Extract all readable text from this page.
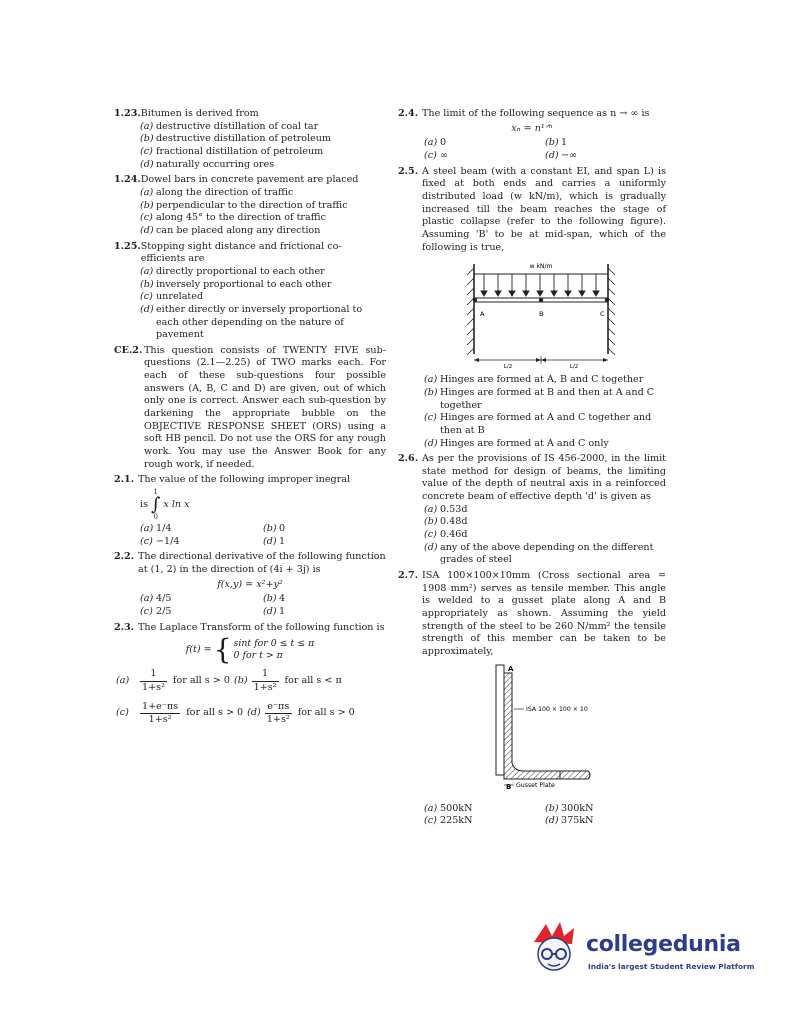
1.23. Bitumen is derived from
(a) destructive distillation of coal tar
(b) destructive distillation of petroleum
(c) fractional distillation of petroleum
(d) naturally occurring ores
1.24. Dowel bars in concrete pavement are placed
(a) along the direction of traffic
(b) perpendicular to the direction of traffic
(c) along 45° to the direction of traffic
(d) can be placed along any direction
1.25. Stopping sight distance and frictional co-efficients are
(a) directly proportional to each other
(b) inversely proportional to each other
(c) unrelated
(d) either directly or inversely proportional to each other depending on the nature of pavement
CE.2. This question consists of TWENTY FIVE sub-questions (2.1—2.25) of TWO marks each. For each of these sub-questions four possible answers (A, B, C and D) are given, out of which only one is correct. Answer each sub-question by darkening the appropriate bubble on the OBJECTIVE RESPONSE SHEET (ORS) using a soft HB pencil. Do not use the ORS for any rough work. You may use the Answer Book for any rough work, if needed.
2.1. The value of the following improper inegral
is
1
∫
0
x ln x
(a) 1/4	(b) 0
(c) −1/4	(d) 1
2.2. The directional derivative of the following function at (1, 2) in the direction of (4i + 3j) is
f(x,y) = x²+y²
(a) 4/5	(b) 4
(c) 2/5	(d) 1
2.3. The Laplace Transform of the following function is
f(t) = { sint for 0 ≤ t ≤ π
0 for t > π
(a)	$\frac{1}{\text{1+s²}}$ for all s > 0 $(b) \frac{1}{\text{1+s²}}$ for all s < π
(c)	$\frac{1+e^-\pi s}{\text{1+s²}}$ for all s > 0 $(d) \frac{e^-\pi s}{\text{1+s²}}$ for all s > 0
2.4. The limit of the following sequence as n → ∞ is
xₙ = n¹ᐟⁿ
(a) 0	(b) 1
(c) ∞	(d) −∞
2.5. A steel beam (with a constant EI, and span L) is fixed at both ends and carries a uniformly distributed load (w kN/m), which is gradually increased till the beam reaches the stage of plastic collapse (refer to the following figure). Assuming 'B' to be at mid-span, which of the following is true,
w kN/m
A	B	C
L/2	L/2
(a) Hinges are formed at A, B and C together
(b) Hinges are formed at B and then at A and C together
(c) Hinges are formed at A and C together and then at B
(d) Hinges are formed at A and C only
2.6. As per the provisions of IS 456-2000, in the limit state method for design of beams, the limiting value of the depth of neutral axis in a reinforced concrete beam of effective depth 'd' is given as
(a) 0.53d
(b) 0.48d
(c) 0.46d
(d) any of the above depending on the different grades of steel
2.7. ISA 100×100×10mm (Cross sectional area = 1908 mm²) serves as tensile member. This angle is welded to a gusset plate along A and B appropriately as shown. Assuming the yield strength of the steel to be 260 N/mm² the tensile strength of this member can be taken to be approximately,
A
B
ISA 100 × 100 × 10
Gusset Plate
(a) 500kN	(b) 300kN
(c) 225kN	(d) 375kN
collegedunia
India's largest Student Review Platform
